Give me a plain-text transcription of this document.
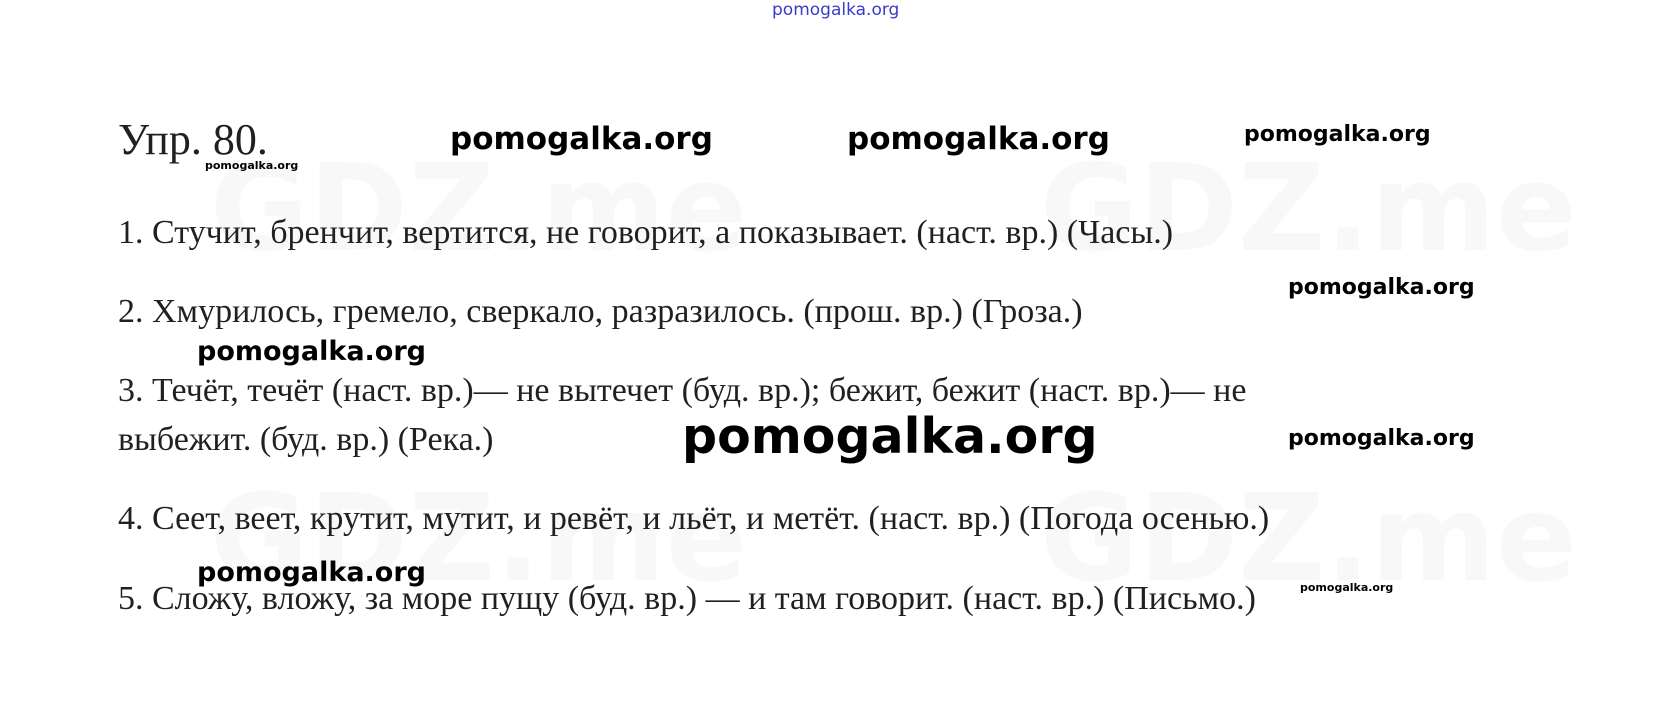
pomogalka.org
Упр. 80.
1. Стучит, бренчит, вертится, не говорит, а показывает. (наст. вр.) (Часы.)
2. Хмурилось, гремело, сверкало, разразилось. (прош. вр.) (Гроза.)
3. Течёт, течёт (наст. вр.)— не вытечет (буд. вр.); бежит, бежит (наст. вр.)— не
выбежит. (буд. вр.) (Река.)
4. Сеет, веет, крутит, мутит, и ревёт, и льёт, и метёт. (наст. вр.) (Погода осенью.)
5. Сложу, вложу, за море пущу (буд. вр.) — и там говорит. (наст. вр.) (Письмо.)
pomogalka.org	pomogalka.org	pomogalka.org
pomogalka.org
pomogalka.org
pomogalka.org
pomogalka.org	pomogalka.org
pomogalka.org	pomogalka.org
